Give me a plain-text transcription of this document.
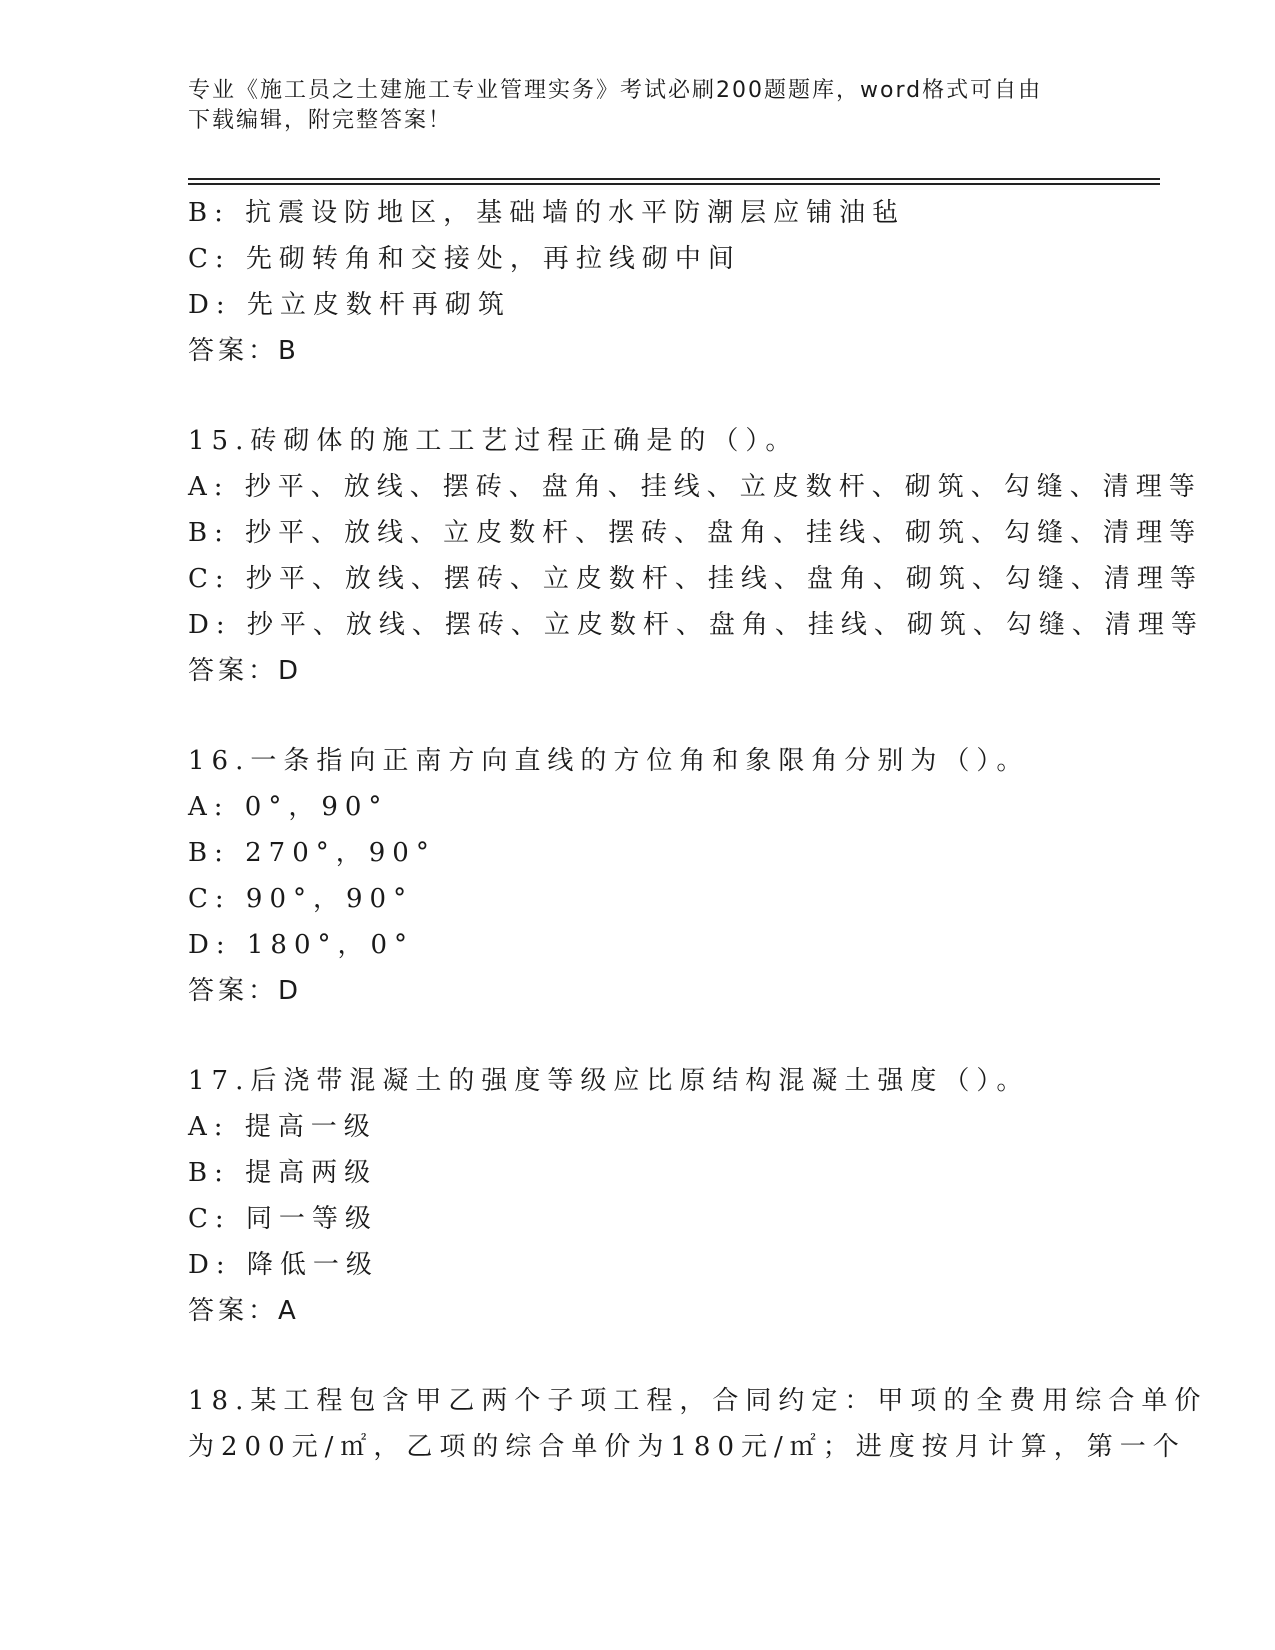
专业《施工员之土建施工专业管理实务》考试必刷200题题库，word格式可自由
下载编辑，附完整答案！
B: 抗震设防地区，基础墙的水平防潮层应铺油毡
C: 先砌转角和交接处，再拉线砌中间
D: 先立皮数杆再砌筑
答案：B
15.砖砌体的施工工艺过程正确是的（）。
A: 抄平、放线、摆砖、盘角、挂线、立皮数杆、砌筑、勾缝、清理等
B: 抄平、放线、立皮数杆、摆砖、盘角、挂线、砌筑、勾缝、清理等
C: 抄平、放线、摆砖、立皮数杆、挂线、盘角、砌筑、勾缝、清理等
D: 抄平、放线、摆砖、立皮数杆、盘角、挂线、砌筑、勾缝、清理等
答案：D
16.一条指向正南方向直线的方位角和象限角分别为（）。
A: 0°，90°
B: 270°，90°
C: 90°，90°
D: 180°，0°
答案：D
17.后浇带混凝土的强度等级应比原结构混凝土强度（）。
A: 提高一级
B: 提高两级
C: 同一等级
D: 降低一级
答案：A
18.某工程包含甲乙两个子项工程，合同约定：甲项的全费用综合单价
为200元/㎡，乙项的综合单价为180元/㎡；进度按月计算，第一个
